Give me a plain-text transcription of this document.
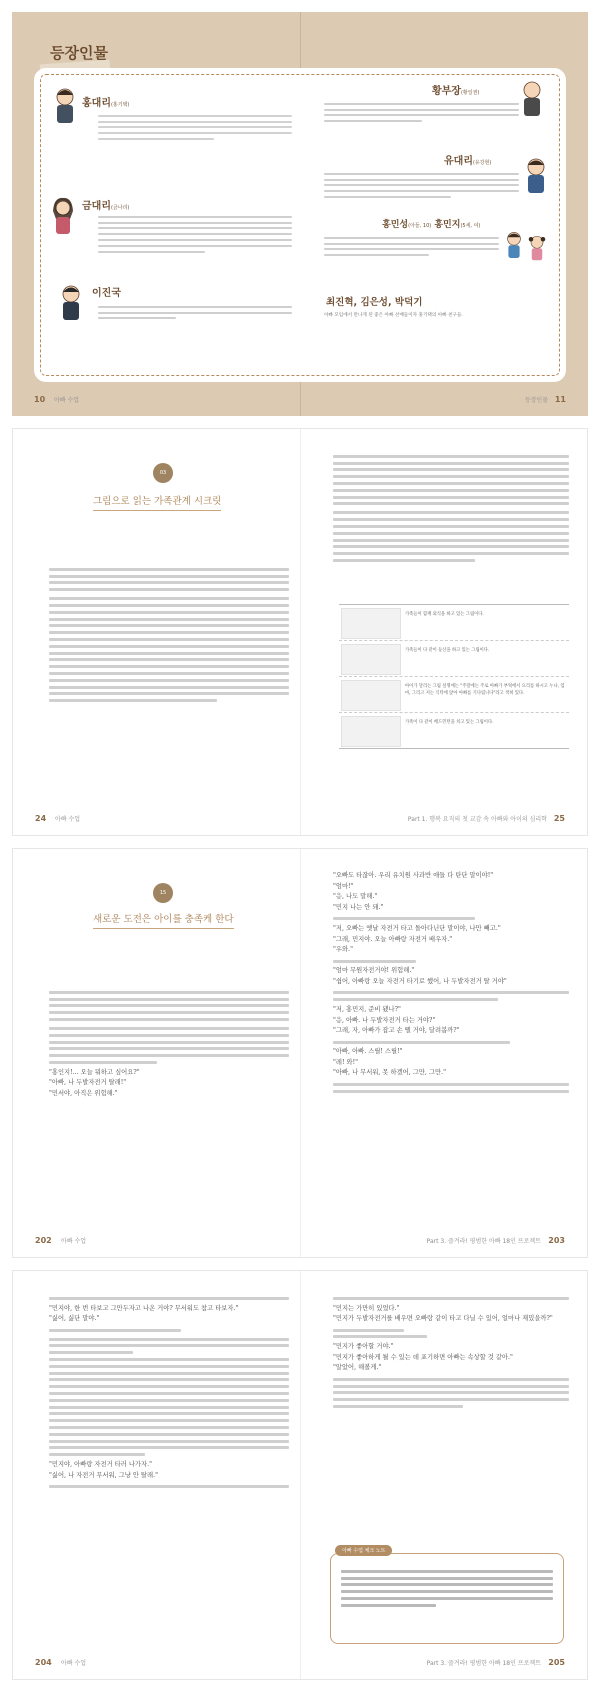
등장인물
홍대리(홍기택)
금대리(금나리)
이진국
황부장(황일권)
유대리(유강현)
홍민성(아들, 10) 홍민지(5세, 여)
최진혁, 김은성, 박덕기
아빠 모임에서 만나게 된 좋은 아빠 선배들이자 홍기택의 아빠 친구들.
10 아빠 수업	등장인물 11
03
그림으로 읽는 가족관계 시크릿
가족들이 함께 외식을 하고 있는 그림이다.
가족들이 다 같이 등산을 하고 있는 그림이다.
아이가 달리는 그림 설명에는 "주말에는 주로 아빠가 부엌에서 요리를 하시고 누나, 엄마, 그리고 저는 식탁에 앉아 아빠를 기다립니다"라고 적혀 있다.
가족이 다 같이 배드민턴을 치고 있는 그림이다.
24 아빠 수업	Part 1. 행복 요직의 첫 교감 속 아빠와 아이의 심리학 25
15
새로운 도전은 아이를 충족케 한다
"홍인지!... 오늘 뭐하고 싶어요?"
"아빠, 나 두발자전거 탈래!"
"민서야, 아직은 위험해."
"오빠도 타잖아. 우리 유치원 사과반 애들 다 탄단 말이야!"
"엄마!"
"응, 나도 말해."
"민지 나는 안 돼."
"저, 오빠는 옛날 자전거 타고 돌아다닌단 말이야, 나만 빼고."
"그래, 민지야. 오늘 아빠랑 자전거 배우자."
"우와."
"엄마 무원자전거야! 위험해."
"쉽어, 아빠랑 오늘 자전거 타기로 했어, 나 두발자전거 탈 거야"
"저, 홍민지, 준비 됐나?"
"응, 아빠. 나 두발자전거 타는 거야?"
"그래, 자, 아빠가 잡고 손 뗄 거야, 달려봅까?"
"아빠, 아빠. 스릴! 스릴!"
"레! 와!"
"아빠, 나 무서워, 못 하겠어, 그만, 그만."
202 아빠 수업	Part 3. 즐겨라! 평범한 아빠 18인 프로젝트 203
"민지야, 한 번 타보고 그만두자고 나온 거야? 무서워도 참고 타보자."
"싫어, 싫단 말야."
"민지야, 아빠랑 자전거 타러 나가자."
"싫어, 나 자전거 무서워, 그냥 안 탈래."
"민지는 가만히 있었다."
"민지가 두발자전거를 배우면 오빠랑 같이 타고 다닐 수 있어, 얼마나 재밌을까?"
"민지가 좋아할 거야."
"민지가 좋아하게 될 수 있는 데 포기하면 아빠는 속상할 것 같아."
"알았어, 해볼게."
아빠 수업 체크 노트
204 아빠 수업	Part 3. 즐겨라! 평범한 아빠 18인 프로젝트 205
